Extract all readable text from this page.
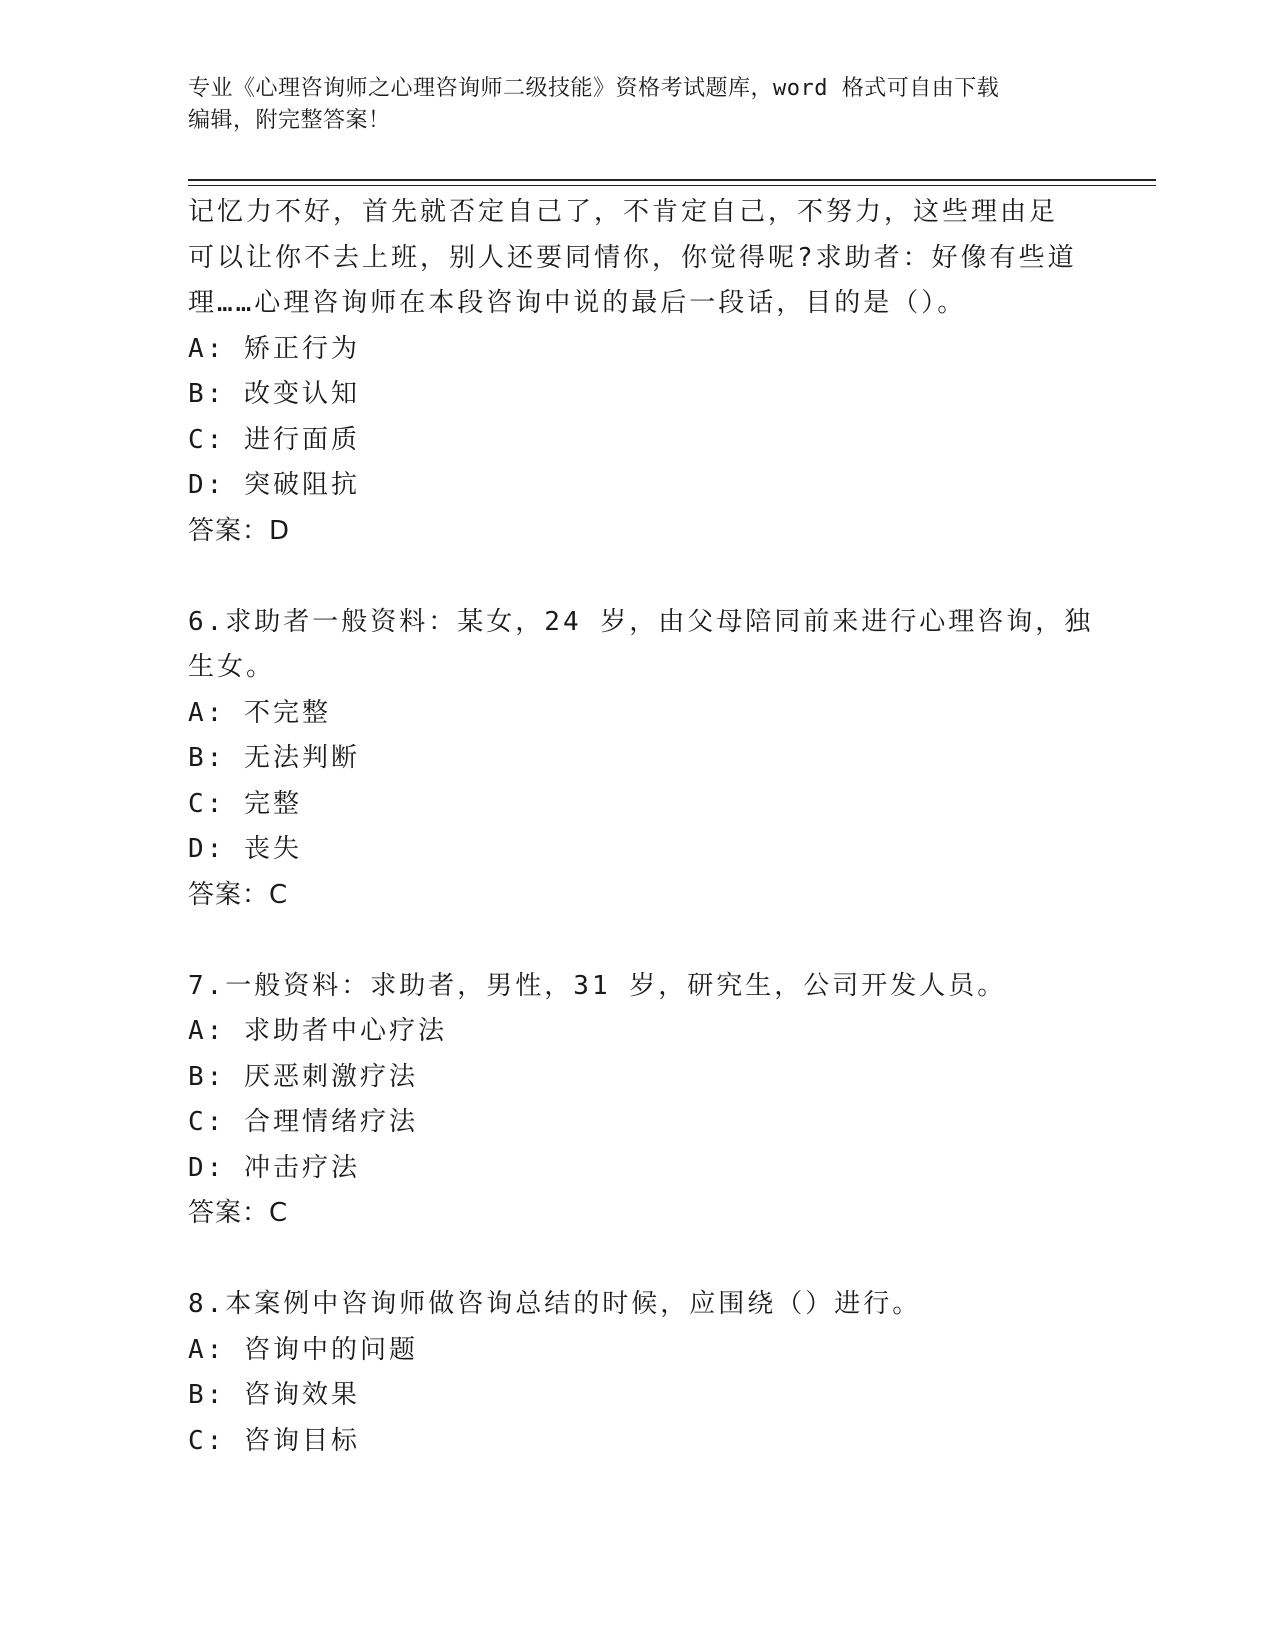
专业《心理咨询师之心理咨询师二级技能》资格考试题库，word 格式可自由下载
编辑，附完整答案！
记忆力不好，首先就否定自己了，不肯定自己，不努力，这些理由足
可以让你不去上班，别人还要同情你，你觉得呢?求助者：好像有些道
理……心理咨询师在本段咨询中说的最后一段话，目的是（）。
A: 矫正行为
B: 改变认知
C: 进行面质
D: 突破阻抗
答案：D
6.求助者一般资料：某女，24 岁，由父母陪同前来进行心理咨询，独
生女。
A: 不完整
B: 无法判断
C: 完整
D: 丧失
答案：C
7.一般资料：求助者，男性，31 岁，研究生，公司开发人员。
A: 求助者中心疗法
B: 厌恶刺激疗法
C: 合理情绪疗法
D: 冲击疗法
答案：C
8.本案例中咨询师做咨询总结的时候，应围绕（）进行。
A: 咨询中的问题
B: 咨询效果
C: 咨询目标
